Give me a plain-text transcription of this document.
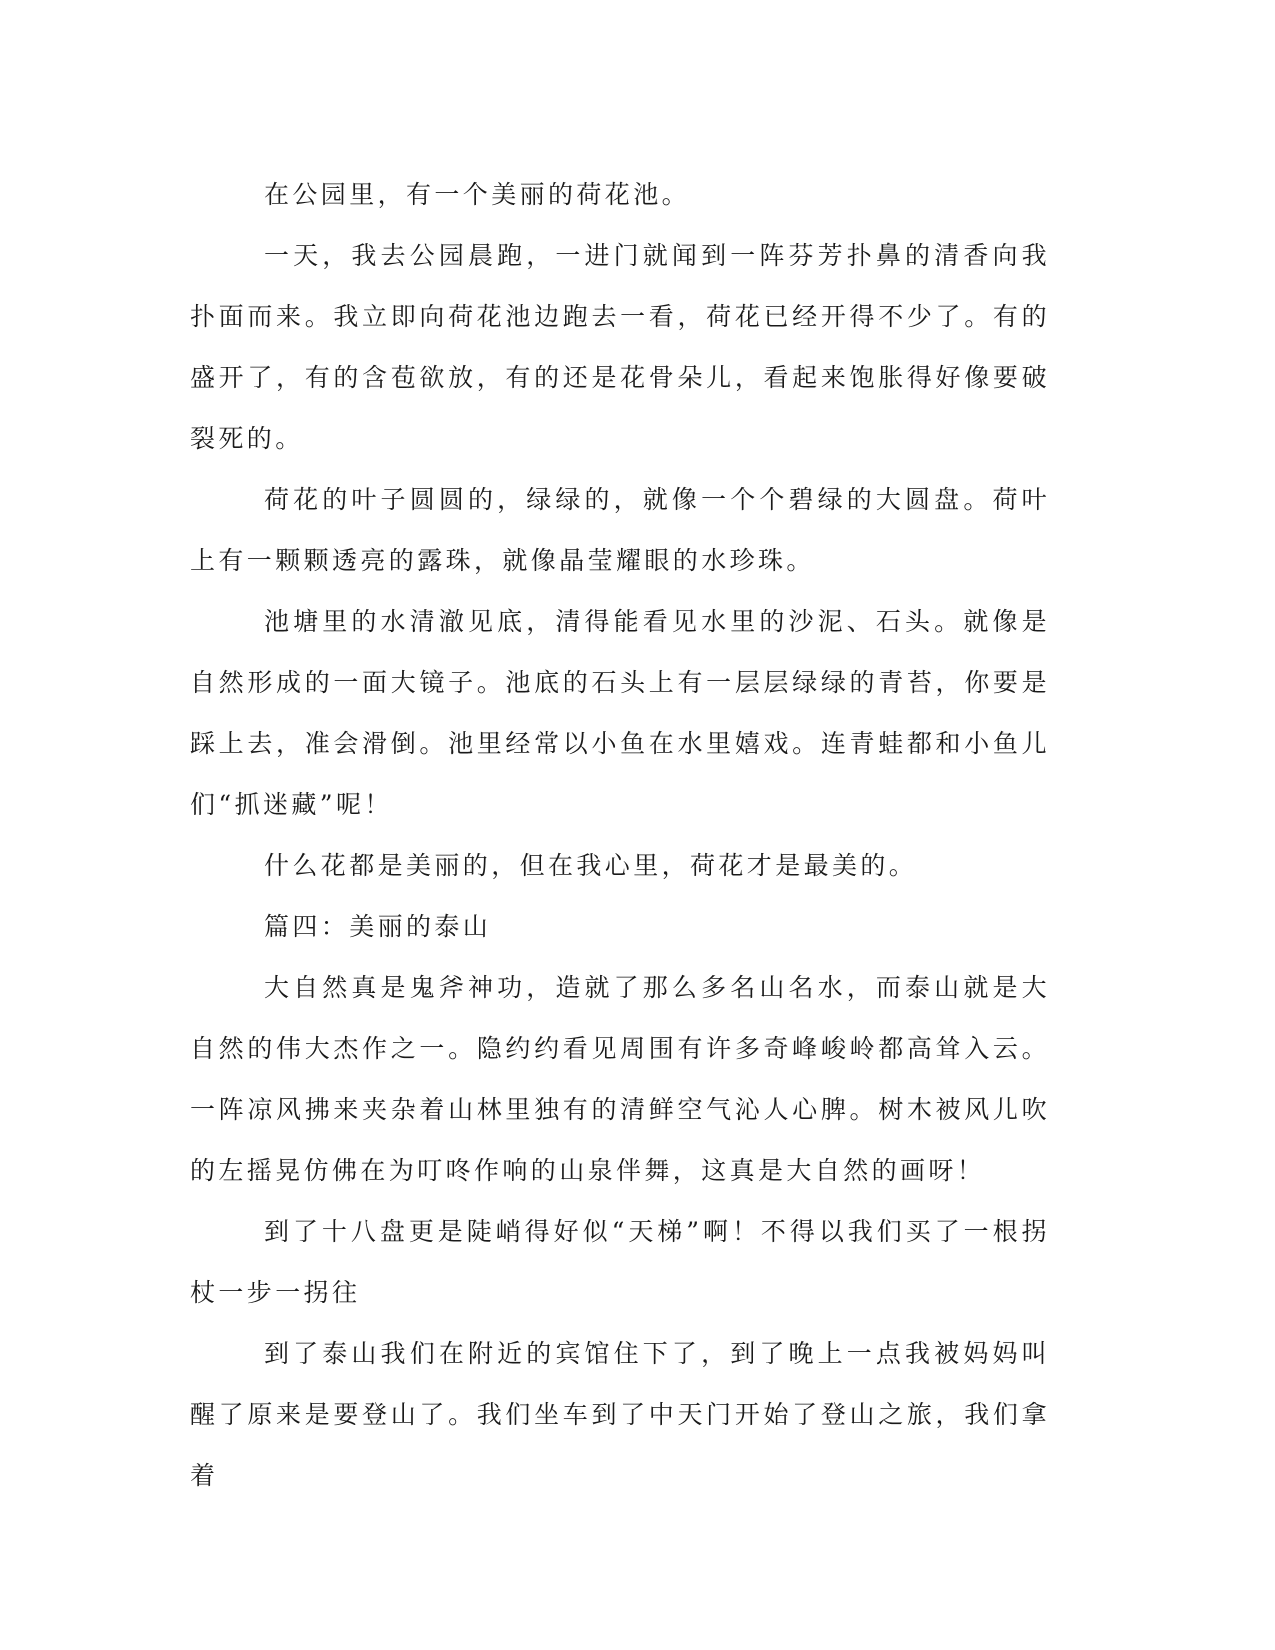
在公园里，有一个美丽的荷花池。

一天，我去公园晨跑，一进门就闻到一阵芬芳扑鼻的清香向我扑面而来。我立即向荷花池边跑去一看，荷花已经开得不少了。有的盛开了，有的含苞欲放，有的还是花骨朵儿，看起来饱胀得好像要破裂死的。

荷花的叶子圆圆的，绿绿的，就像一个个碧绿的大圆盘。荷叶上有一颗颗透亮的露珠，就像晶莹耀眼的水珍珠。

池塘里的水清澈见底，清得能看见水里的沙泥、石头。就像是自然形成的一面大镜子。池底的石头上有一层层绿绿的青苔，你要是踩上去，准会滑倒。池里经常以小鱼在水里嬉戏。连青蛙都和小鱼儿们“抓迷藏”呢！

什么花都是美丽的，但在我心里，荷花才是最美的。

篇四：美丽的泰山

大自然真是鬼斧神功，造就了那么多名山名水，而泰山就是大自然的伟大杰作之一。隐约约看见周围有许多奇峰峻岭都高耸入云。一阵凉风拂来夹杂着山林里独有的清鲜空气沁人心脾。树木被风儿吹的左摇晃仿佛在为叮咚作响的山泉伴舞，这真是大自然的画呀！

到了十八盘更是陡峭得好似“天梯”啊！不得以我们买了一根拐杖一步一拐往

到了泰山我们在附近的宾馆住下了，到了晚上一点我被妈妈叫醒了原来是要登山了。我们坐车到了中天门开始了登山之旅，我们拿着
